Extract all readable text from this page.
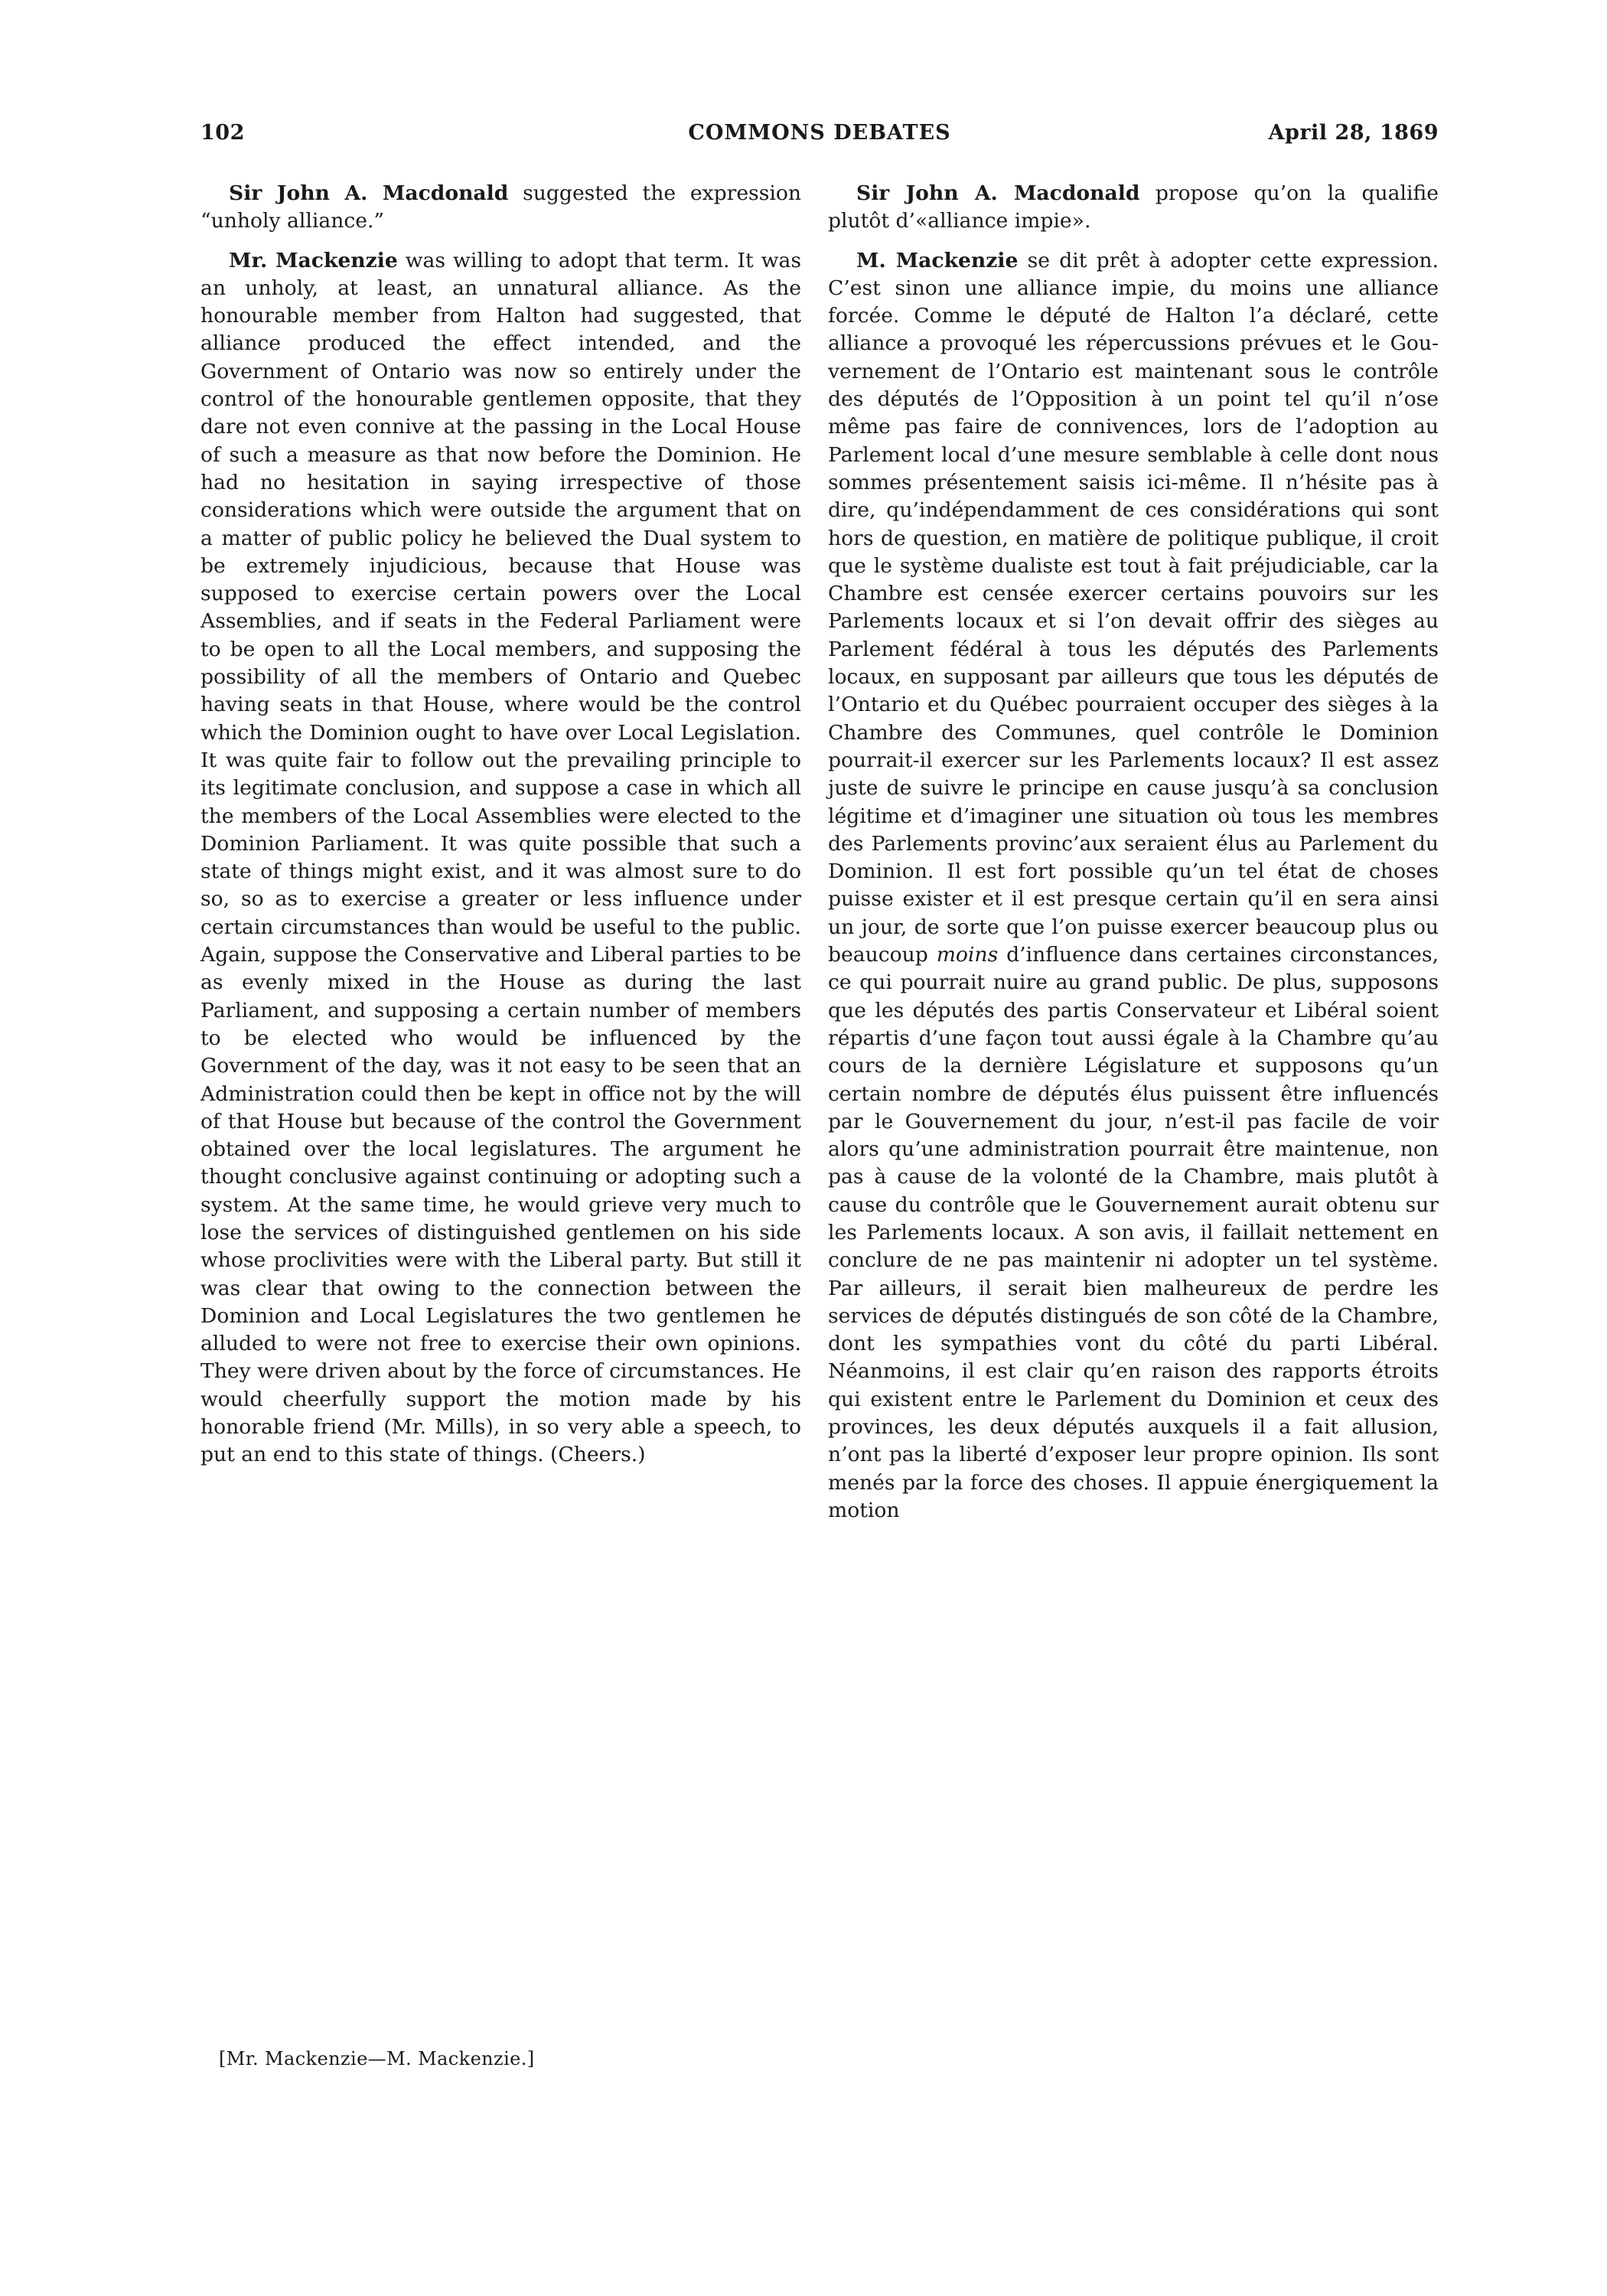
102	COMMONS DEBATES	April 28, 1869

Sir John A. Macdonald suggested the expression “unholy alliance.”

Mr. Mackenzie was willing to adopt that term. It was an unholy, at least, an unnatural alliance. As the honourable member from Halton had suggested, that alliance produced the effect intended, and the Government of Ontario was now so entirely under the control of the honourable gentlemen opposite, that they dare not even connive at the passing in the Local House of such a measure as that now before the Dominion. He had no hesitation in saying irrespective of those considerations which were outside the argument that on a matter of public policy he believed the Dual system to be extremely injudicious, because that House was supposed to exercise certain powers over the Local Assemblies, and if seats in the Federal Parliament were to be open to all the Local members, and supposing the possibility of all the members of Ontario and Quebec having seats in that House, where would be the control which the Dominion ought to have over Local Legislation. It was quite fair to follow out the prevailing principle to its legitimate conclusion, and suppose a case in which all the members of the Local Assemblies were elected to the Dominion Parliament. It was quite possible that such a state of things might exist, and it was almost sure to do so, so as to exercise a greater or less influence under certain circumstances than would be useful to the public. Again, suppose the Conservative and Liberal parties to be as evenly mixed in the House as during the last Parliament, and supposing a certain number of members to be elected who would be influenced by the Government of the day, was it not easy to be seen that an Administration could then be kept in office not by the will of that House but because of the control the Government obtained over the local legislatures. The argument he thought conclusive against continuing or adopting such a system. At the same time, he would grieve very much to lose the services of distinguished gentlemen on his side whose proclivities were with the Liberal party. But still it was clear that owing to the connection between the Dominion and Local Legislatures the two gentlemen he alluded to were not free to exercise their own opinions. They were driven about by the force of circumstances. He would cheerfully support the motion made by his honorable friend (Mr. Mills), in so very able a speech, to put an end to this state of things. (Cheers.)

Sir John A. Macdonald propose qu’on la qualifie plutôt d’«alliance impie».

M. Mackenzie se dit prêt à adopter cette expression. C’est sinon une alliance impie, du moins une alliance forcée. Comme le député de Halton l’a déclaré, cette alliance a provoqué les répercussions prévues et le Gouvernement de l’Ontario est maintenant sous le contrôle des députés de l’Opposition à un point tel qu’il n’ose même pas faire de connivences, lors de l’adoption au Parlement local d’une mesure semblable à celle dont nous sommes présentement saisis ici-même. Il n’hésite pas à dire, qu’indépendamment de ces considérations qui sont hors de question, en matière de politique publique, il croit que le système dualiste est tout à fait préjudiciable, car la Chambre est censée exercer certains pouvoirs sur les Parlements locaux et si l’on devait offrir des sièges au Parlement fédéral à tous les députés des Parlements locaux, en supposant par ailleurs que tous les députés de l’Ontario et du Québec pourraient occuper des sièges à la Chambre des Communes, quel contrôle le Dominion pourrait-il exercer sur les Parlements locaux? Il est assez juste de suivre le principe en cause jusqu’à sa conclusion légitime et d’imaginer une situation où tous les membres des Parlements provinc’aux seraient élus au Parlement du Dominion. Il est fort possible qu’un tel état de choses puisse exister et il est presque certain qu’il en sera ainsi un jour, de sorte que l’on puisse exercer beaucoup plus ou beaucoup moins d’influence dans certaines circonstances, ce qui pourrait nuire au grand public. De plus, supposons que les députés des partis Conservateur et Libéral soient répartis d’une façon tout aussi égale à la Chambre qu’au cours de la dernière Législature et supposons qu’un certain nombre de députés élus puissent être influencés par le Gouvernement du jour, n’est-il pas facile de voir alors qu’une administration pourrait être maintenue, non pas à cause de la volonté de la Chambre, mais plutôt à cause du contrôle que le Gouvernement aurait obtenu sur les Parlements locaux. A son avis, il faillait nettement en conclure de ne pas maintenir ni adopter un tel système. Par ailleurs, il serait bien malheureux de perdre les services de députés distingués de son côté de la Chambre, dont les sympathies vont du côté du parti Libéral. Néanmoins, il est clair qu’en raison des rapports étroits qui existent entre le Parlement du Dominion et ceux des provinces, les deux députés auxquels il a fait allusion, n’ont pas la liberté d’exposer leur propre opinion. Ils sont menés par la force des choses. Il appuie énergiquement la motion

[Mr. Mackenzie—M. Mackenzie.]
